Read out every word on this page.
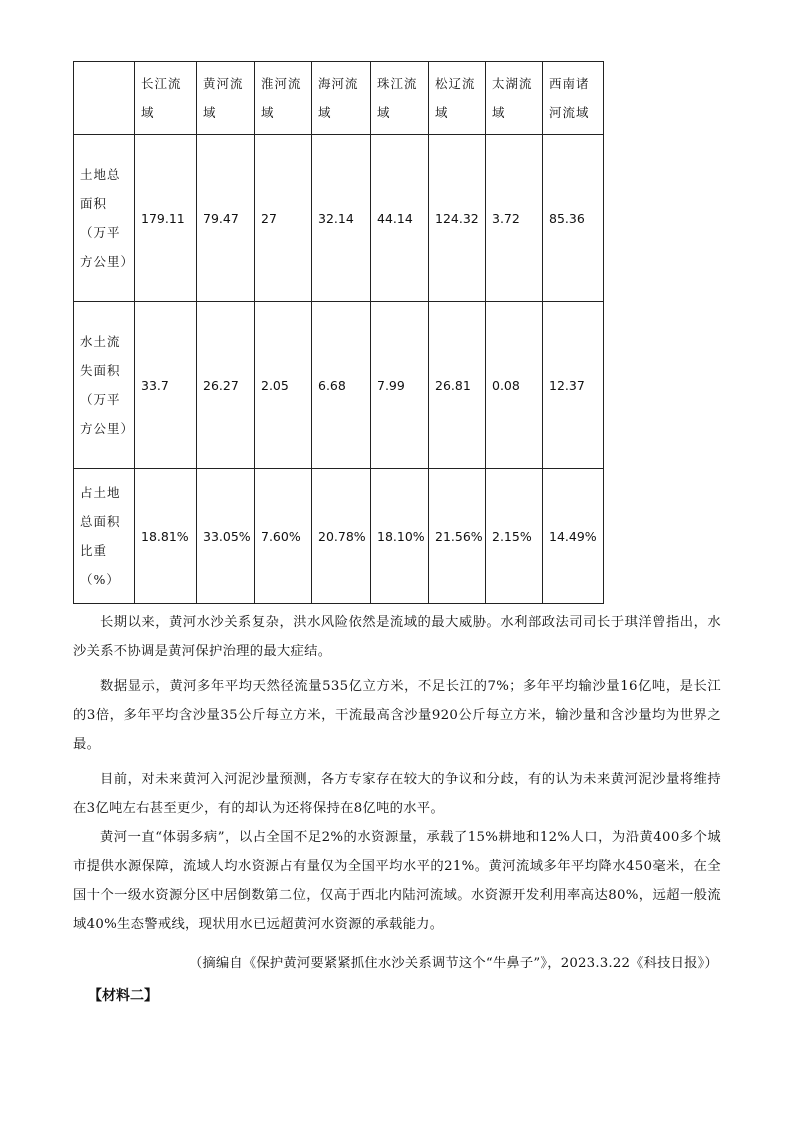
	长江流域	黄河流域	淮河流域	海河流域	珠江流域	松辽流域	太湖流域	西南诸河流域
土地总面积（万平方公里）	179.11	79.47	27	32.14	44.14	124.32	3.72	85.36
水土流失面积（万平方公里）	33.7	26.27	2.05	6.68	7.99	26.81	0.08	12.37
占土地总面积比重（%）	18.81%	33.05%	7.60%	20.78%	18.10%	21.56%	2.15%	14.49%

长期以来，黄河水沙关系复杂，洪水风险依然是流域的最大威胁。水利部政法司司长于琪洋曾指出，水沙关系不协调是黄河保护治理的最大症结。

数据显示，黄河多年平均天然径流量535亿立方米，不足长江的7%；多年平均输沙量16亿吨，是长江的3倍，多年平均含沙量35公斤每立方米，干流最高含沙量920公斤每立方米，输沙量和含沙量均为世界之最。

目前，对未来黄河入河泥沙量预测，各方专家存在较大的争议和分歧，有的认为未来黄河泥沙量将维持在3亿吨左右甚至更少，有的却认为还将保持在8亿吨的水平。

黄河一直“体弱多病”，以占全国不足2%的水资源量，承载了15%耕地和12%人口，为沿黄400多个城市提供水源保障，流域人均水资源占有量仅为全国平均水平的21%。黄河流域多年平均降水450毫米，在全国十个一级水资源分区中居倒数第二位，仅高于西北内陆河流域。水资源开发利用率高达80%，远超一般流域40%生态警戒线，现状用水已远超黄河水资源的承载能力。

（摘编自《保护黄河要紧紧抓住水沙关系调节这个“牛鼻子”》，2023.3.22《科技日报》）

【材料二】
